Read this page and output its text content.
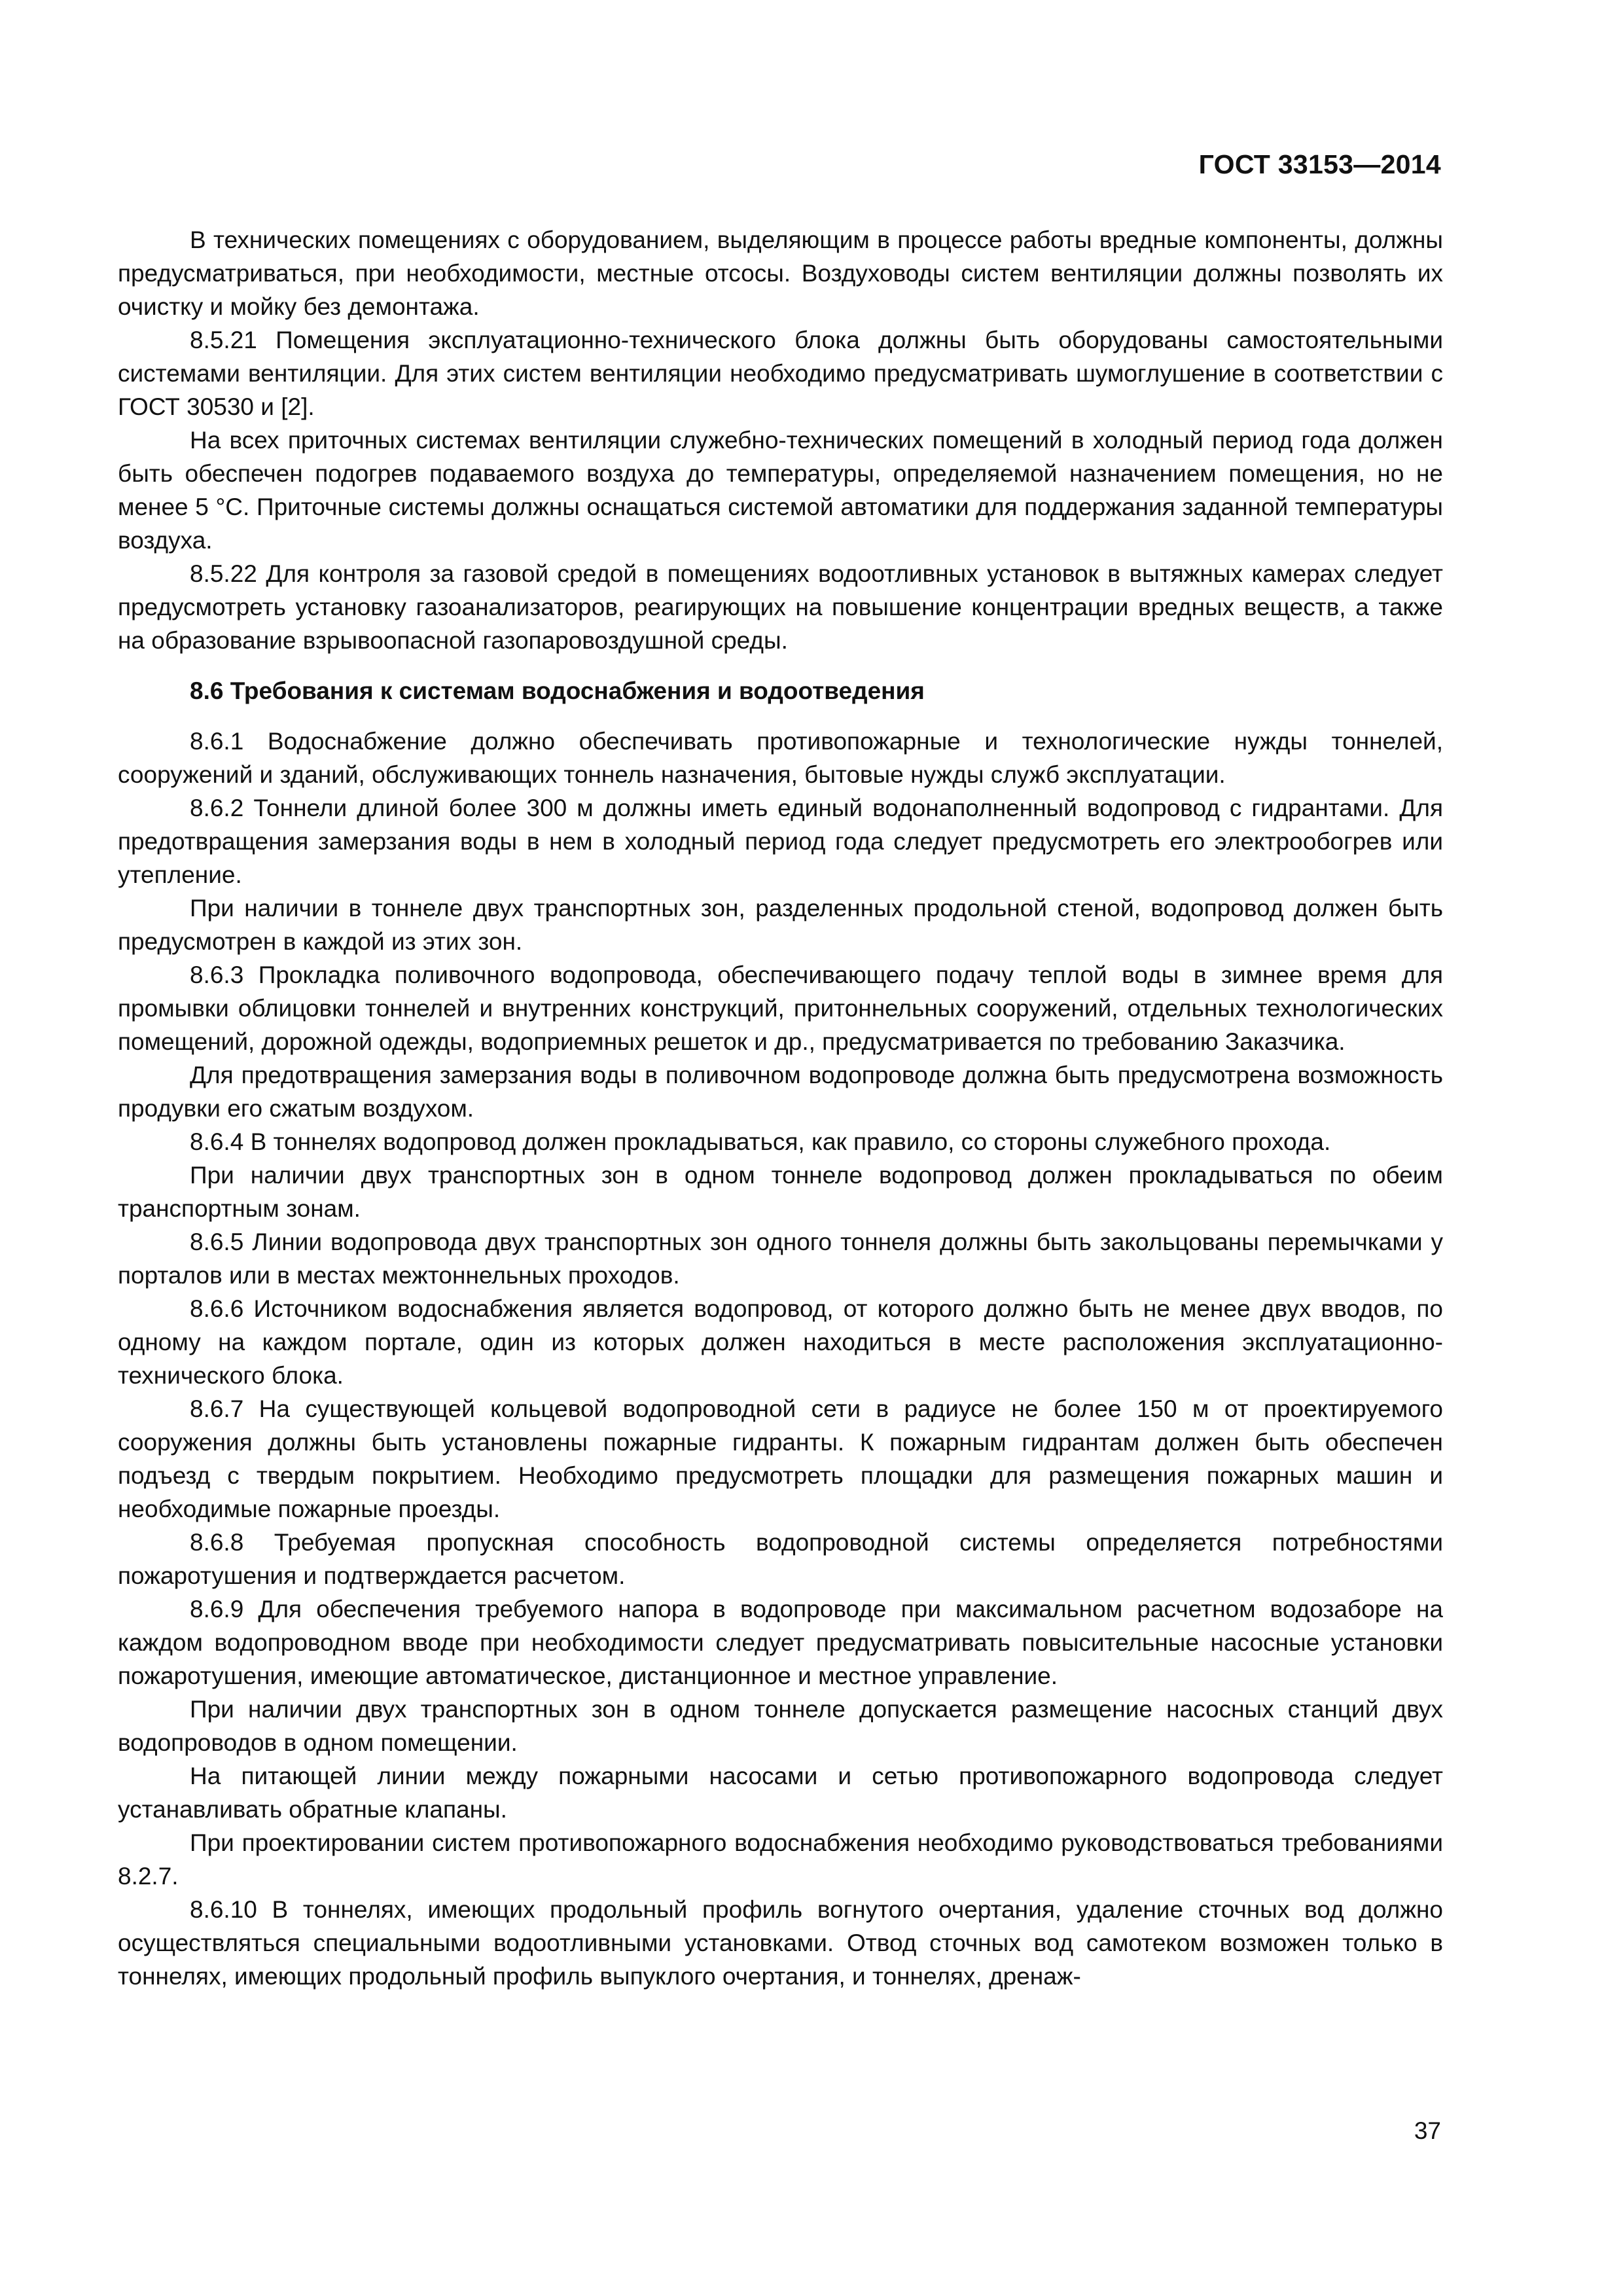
ГОСТ 33153—2014

В технических помещениях с оборудованием, выделяющим в процессе работы вредные компоненты, должны предусматриваться, при необходимости, местные отсосы. Воздуховоды систем вентиляции должны позволять их очистку и мойку без демонтажа.

8.5.21 Помещения эксплуатационно-технического блока должны быть оборудованы самостоятельными системами вентиляции. Для этих систем вентиляции необходимо предусматривать шумоглушение в соответствии с ГОСТ 30530 и [2].

На всех приточных системах вентиляции служебно-технических помещений в холодный период года должен быть обеспечен подогрев подаваемого воздуха до температуры, определяемой назначением помещения, но не менее 5 °С. Приточные системы должны оснащаться системой автоматики для поддержания заданной температуры воздуха.

8.5.22 Для контроля за газовой средой в помещениях водоотливных установок в вытяжных камерах следует предусмотреть установку газоанализаторов, реагирующих на повышение концентрации вредных веществ, а также на образование взрывоопасной газопаровоздушной среды.

8.6 Требования к системам водоснабжения и водоотведения

8.6.1 Водоснабжение должно обеспечивать противопожарные и технологические нужды тоннелей, сооружений и зданий, обслуживающих тоннель назначения, бытовые нужды служб эксплуатации.

8.6.2 Тоннели длиной более 300 м должны иметь единый водонаполненный водопровод с гидрантами. Для предотвращения замерзания воды в нем в холодный период года следует предусмотреть его электрообогрев или утепление.

При наличии в тоннеле двух транспортных зон, разделенных продольной стеной, водопровод должен быть предусмотрен в каждой из этих зон.

8.6.3 Прокладка поливочного водопровода, обеспечивающего подачу теплой воды в зимнее время для промывки облицовки тоннелей и внутренних конструкций, притоннельных сооружений, отдельных технологических помещений, дорожной одежды, водоприемных решеток и др., предусматривается по требованию Заказчика.

Для предотвращения замерзания воды в поливочном водопроводе должна быть предусмотрена возможность продувки его сжатым воздухом.

8.6.4 В тоннелях водопровод должен прокладываться, как правило, со стороны служебного прохода.

При наличии двух транспортных зон в одном тоннеле водопровод должен прокладываться по обеим транспортным зонам.

8.6.5 Линии водопровода двух транспортных зон одного тоннеля должны быть закольцованы перемычками у порталов или в местах межтоннельных проходов.

8.6.6 Источником водоснабжения является водопровод, от которого должно быть не менее двух вводов, по одному на каждом портале, один из которых должен находиться в месте расположения эксплуатационно-технического блока.

8.6.7 На существующей кольцевой водопроводной сети в радиусе не более 150 м от проектируемого сооружения должны быть установлены пожарные гидранты. К пожарным гидрантам должен быть обеспечен подъезд с твердым покрытием. Необходимо предусмотреть площадки для размещения пожарных машин и необходимые пожарные проезды.

8.6.8 Требуемая пропускная способность водопроводной системы определяется потребностями пожаротушения и подтверждается расчетом.

8.6.9 Для обеспечения требуемого напора в водопроводе при максимальном расчетном водозаборе на каждом водопроводном вводе при необходимости следует предусматривать повысительные насосные установки пожаротушения, имеющие автоматическое, дистанционное и местное управление.

При наличии двух транспортных зон в одном тоннеле допускается размещение насосных станций двух водопроводов в одном помещении.

На питающей линии между пожарными насосами и сетью противопожарного водопровода следует устанавливать обратные клапаны.

При проектировании систем противопожарного водоснабжения необходимо руководствоваться требованиями 8.2.7.

8.6.10 В тоннелях, имеющих продольный профиль вогнутого очертания, удаление сточных вод должно осуществляться специальными водоотливными установками. Отвод сточных вод самотеком возможен только в тоннелях, имеющих продольный профиль выпуклого очертания, и тоннелях, дренаж-

37
